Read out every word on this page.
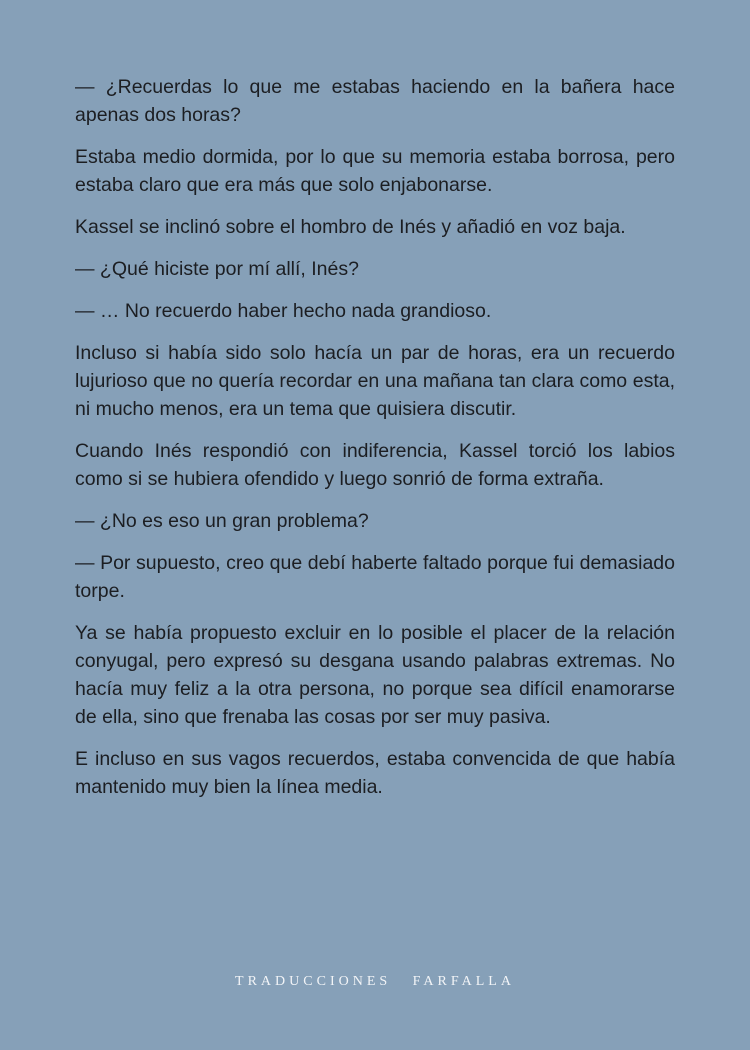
— ¿Recuerdas lo que me estabas haciendo en la bañera hace apenas dos horas?

Estaba medio dormida, por lo que su memoria estaba borrosa, pero estaba claro que era más que solo enjabonarse.

Kassel se inclinó sobre el hombro de Inés y añadió en voz baja.

— ¿Qué hiciste por mí allí, Inés?

— … No recuerdo haber hecho nada grandioso.

Incluso si había sido solo hacía un par de horas, era un recuerdo lujurioso que no quería recordar en una mañana tan clara como esta, ni mucho menos, era un tema que quisiera discutir.

Cuando Inés respondió con indiferencia, Kassel torció los labios como si se hubiera ofendido y luego sonrió de forma extraña.

— ¿No es eso un gran problema?

— Por supuesto, creo que debí haberte faltado porque fui demasiado torpe.

Ya se había propuesto excluir en lo posible el placer de la relación conyugal, pero expresó su desgana usando palabras extremas. No hacía muy feliz a la otra persona, no porque sea difícil enamorarse de ella, sino que frenaba las cosas por ser muy pasiva.

E incluso en sus vagos recuerdos, estaba convencida de que había mantenido muy bien la línea media.

TRADUCCIONES FARFALLA
